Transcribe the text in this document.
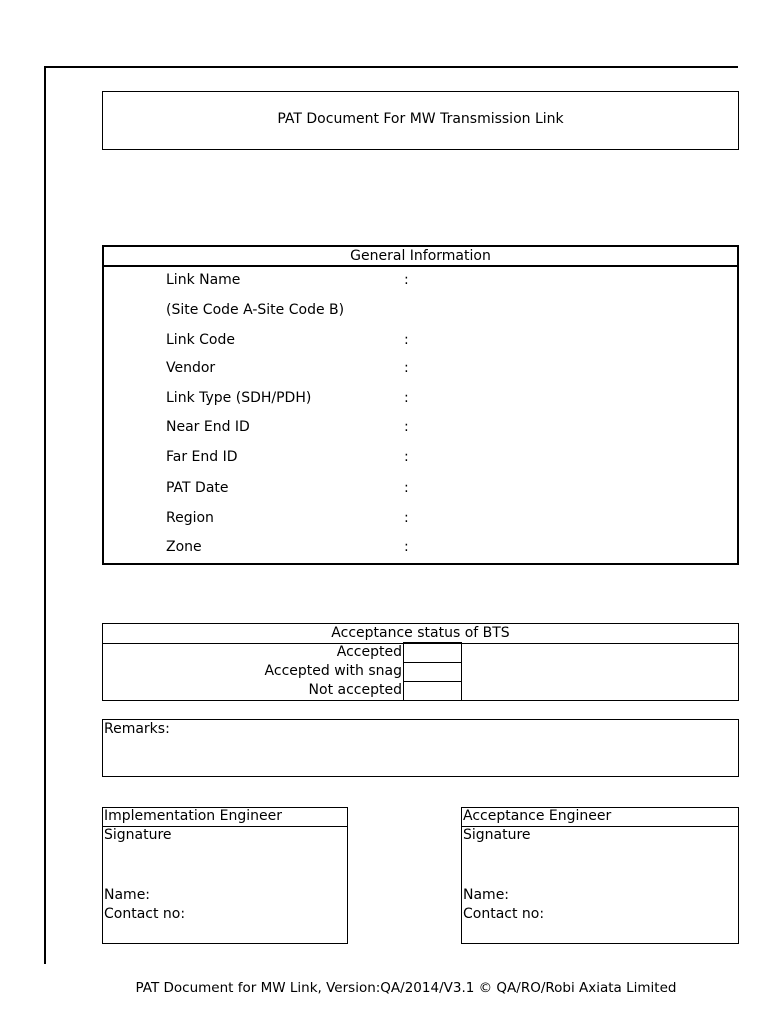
PAT Document For MW Transmission Link
General Information
Link Name	:
(Site Code A-Site Code B)
Link Code	:
Vendor	:
Link Type (SDH/PDH)	:
Near End ID	:
Far End ID	:
PAT Date	:
Region	:
Zone	:
Acceptance status of BTS
Accepted
Accepted with snag
Not accepted
Remarks:
Implementation Engineer
Signature
Name:
Contact no:
Acceptance Engineer
Signature
Name:
Contact no:
PAT Document for MW Link, Version:QA/2014/V3.1 © QA/RO/Robi Axiata Limited
